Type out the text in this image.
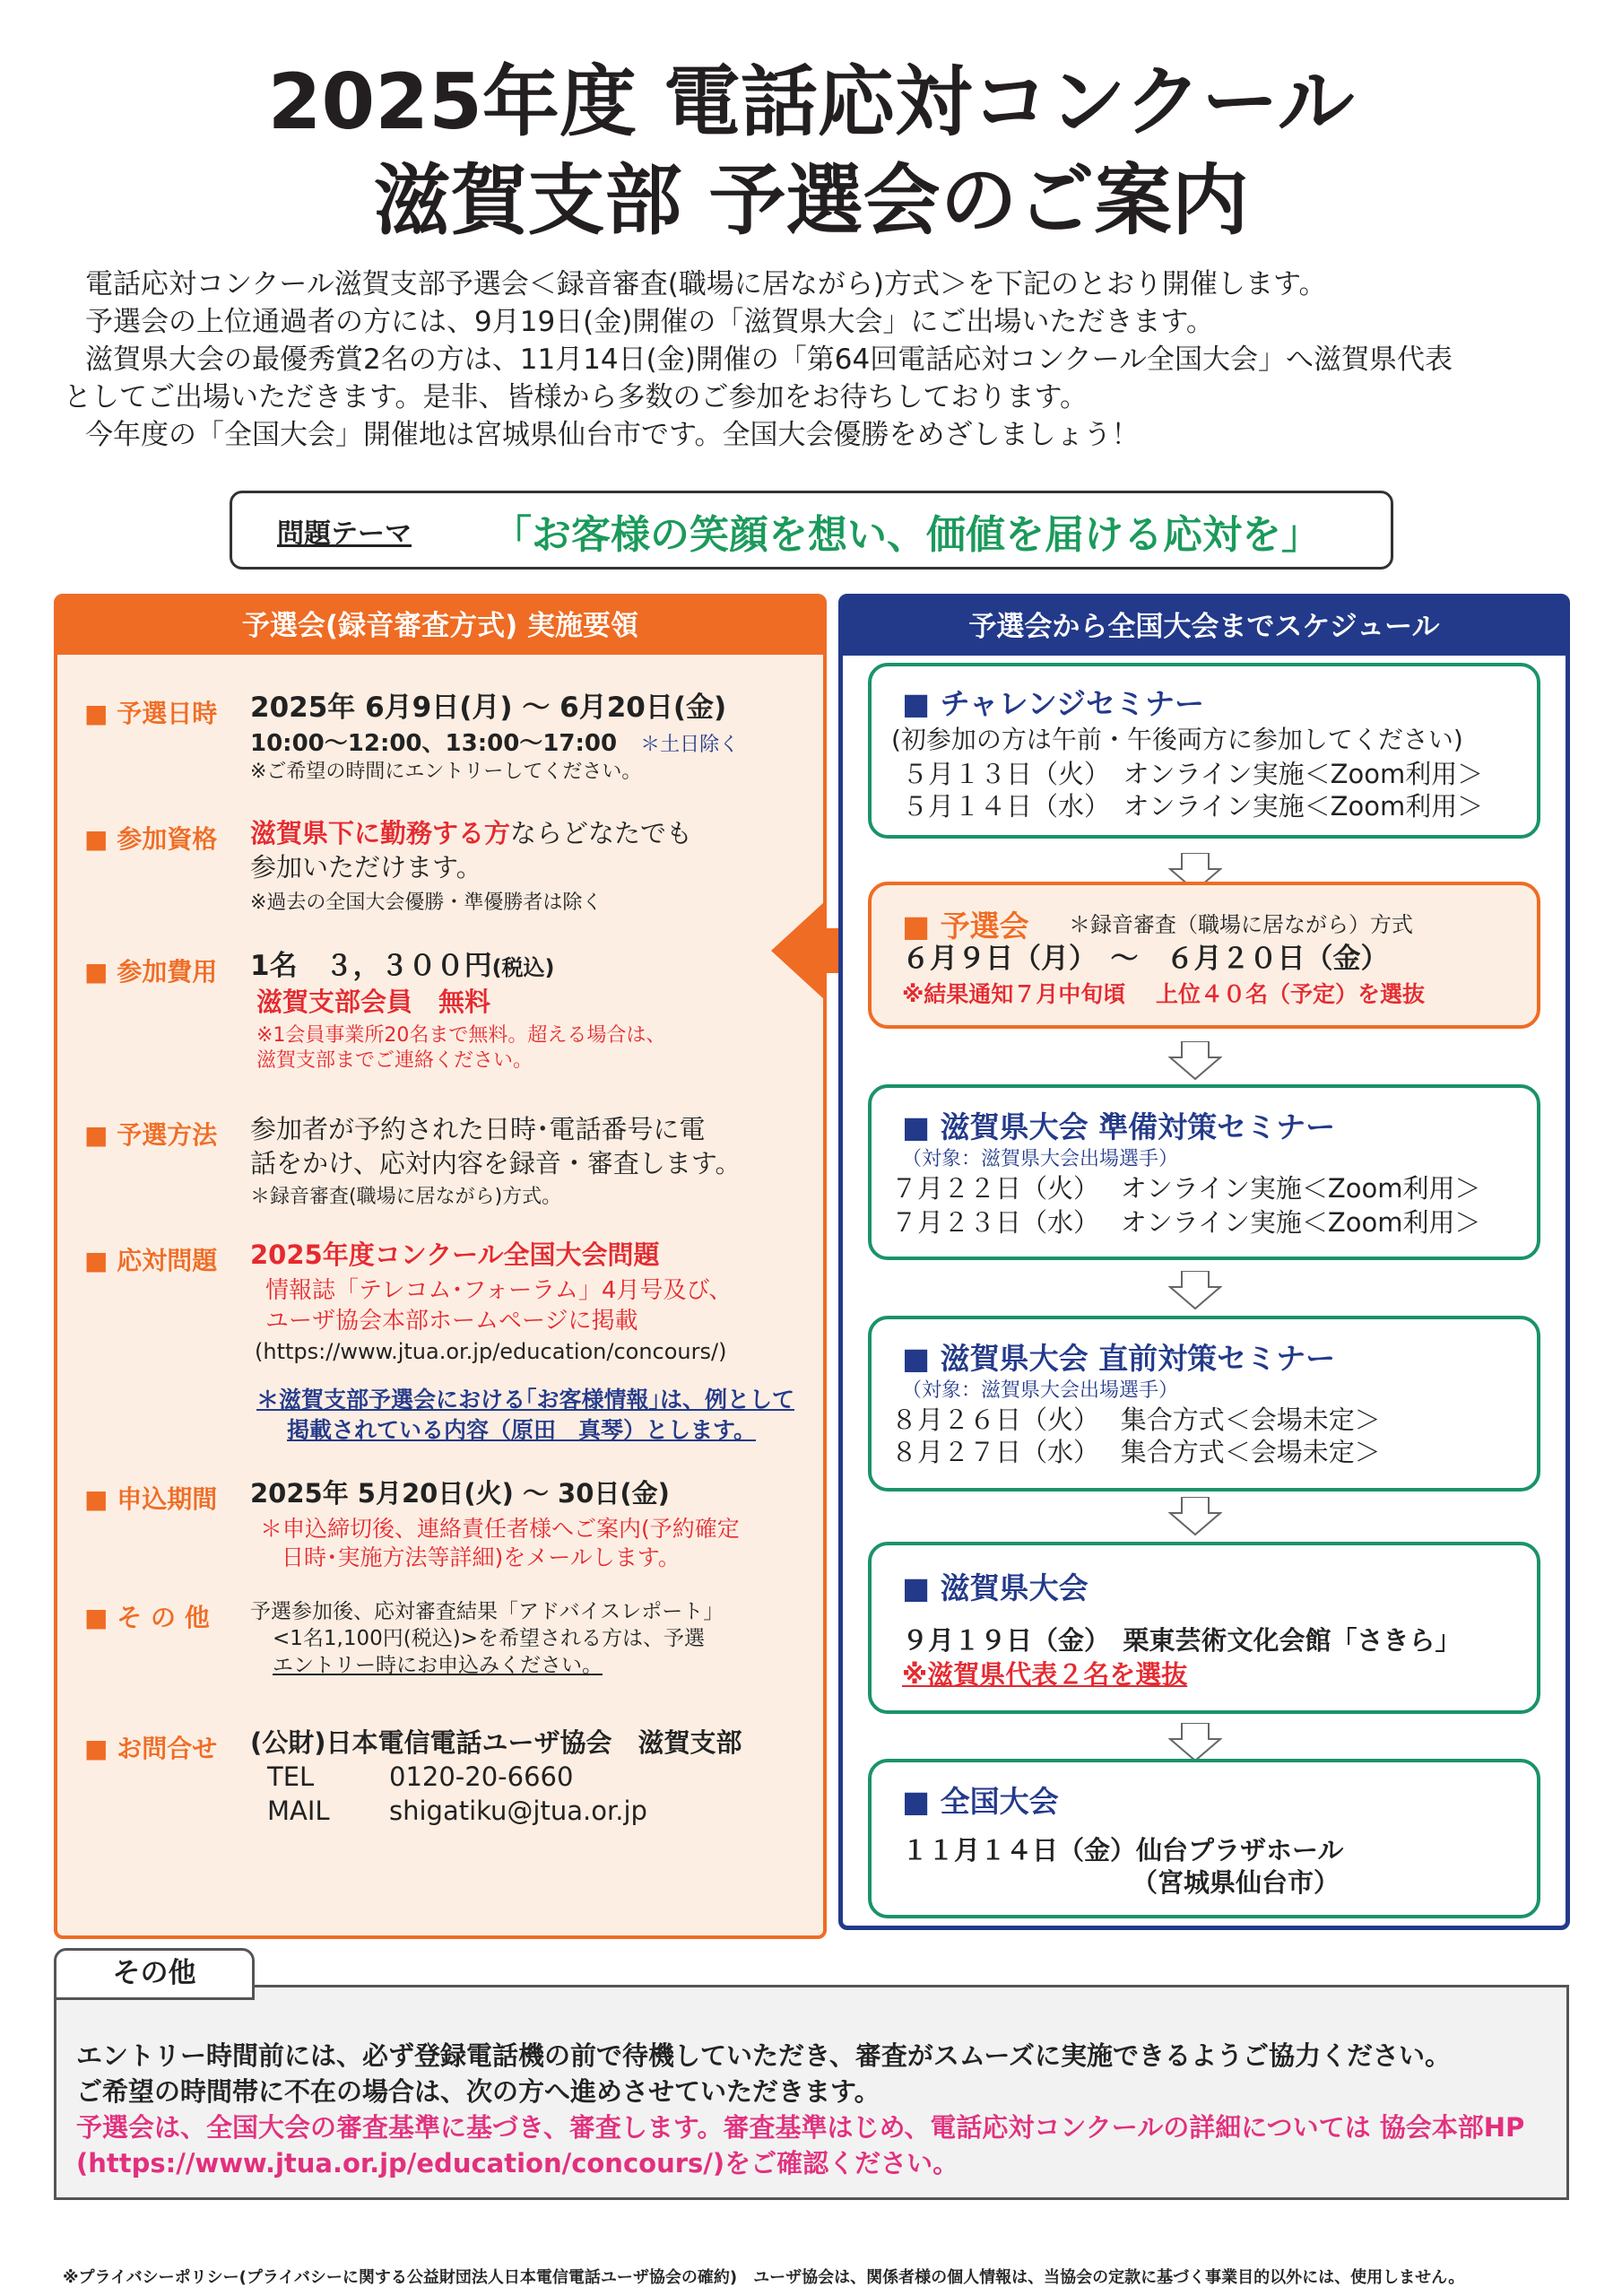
2025年度 電話応対コンクール
滋賀支部 予選会のご案内

電話応対コンクール滋賀支部予選会＜録音審査(職場に居ながら)方式＞を下記のとおり開催します。

予選会の上位通過者の方には、9月19日(金)開催の「滋賀県大会」にご出場いただきます。

滋賀県大会の最優秀賞2名の方は、11月14日(金)開催の「第64回電話応対コンクール全国大会」へ滋賀県代表

としてご出場いただきます。是非、皆様から多数のご参加をお待ちしております。

今年度の「全国大会」開催地は宮城県仙台市です。全国大会優勝をめざしましょう！

問題テーマ 「お客様の笑顔を想い、価値を届ける応対を」
予選会(録音審査方式) 実施要領
■ 予選日時 2025年 6月9日(月) ～ 6月20日(金)
10:00～12:00、13:00～17:00　 ＊土日除く
※ご希望の時間にエントリーしてください。
■ 参加資格 滋賀県下に勤務する方ならどなたでも
参加いただけます。
※過去の全国大会優勝・準優勝者は除く
■ 参加費用 1名　３，３００円(税込)
滋賀支部会員　無料
※1会員事業所20名まで無料。超える場合は、
滋賀支部までご連絡ください。
■ 予選方法 参加者が予約された日時･電話番号に電
話をかけ、応対内容を録音・審査します。
＊録音審査(職場に居ながら)方式。
■ 応対問題 2025年度コンクール全国大会問題
情報誌「テレコム･フォーラム」4月号及び、
ユーザ協会本部ホームページに掲載
(https://www.jtua.or.jp/education/concours/)
＊滋賀支部予選会における｢お客様情報｣は、例として
掲載されている内容（原田　真琴）とします。
■ 申込期間 2025年 5月20日(火) ～ 30日(金)
＊申込締切後、連絡責任者様へご案内(予約確定
日時･実施方法等詳細)をメールします。
■ そ の 他 予選参加後、応対審査結果「アドバイスレポート」
<1名1,100円(税込)>を希望される方は、予選
エントリー時にお申込みください。
■ お問合せ (公財)日本電信電話ユーザ協会　滋賀支部
TEL	0120-20-6660
MAIL shigatiku@jtua.or.jp
予選会から全国大会までスケジュール
■ チャレンジセミナー
(初参加の方は午前・午後両方に参加してください)
５月１３日（火）　オンライン実施＜Zoom利用＞
５月１４日（水）　オンライン実施＜Zoom利用＞
■ 予選会 ＊録音審査（職場に居ながら）方式
６月９日（月）　～　６月２０日（金）
※結果通知７月中旬頃　 上位４０名（予定）を選抜
■ 滋賀県大会 準備対策セミナー
（対象：滋賀県大会出場選手）
７月２２日（火）　 オンライン実施＜Zoom利用＞
７月２３日（水）　 オンライン実施＜Zoom利用＞
■ 滋賀県大会 直前対策セミナー
（対象：滋賀県大会出場選手）
８月２６日（火）　 集合方式＜会場未定＞
８月２７日（水）　 集合方式＜会場未定＞
■ 滋賀県大会
９月１９日（金）　栗東芸術文化会館「さきら」
※滋賀県代表２名を選抜
■ 全国大会
１１月１４日（金）仙台プラザホール
（宮城県仙台市）
その他
エントリー時間前には、必ず登録電話機の前で待機していただき、審査がスムーズに実施できるようご協力ください。
ご希望の時間帯に不在の場合は、次の方へ進めさせていただきます。
予選会は、全国大会の審査基準に基づき、審査します。審査基準はじめ、電話応対コンクールの詳細については 協会本部HP
(https://www.jtua.or.jp/education/concours/)をご確認ください。
※プライバシーポリシー(プライバシーに関する公益財団法人日本電信電話ユーザ協会の確約)　ユーザ協会は、関係者様の個人情報は、当協会の定款に基づく事業目的以外には、使用しません。
